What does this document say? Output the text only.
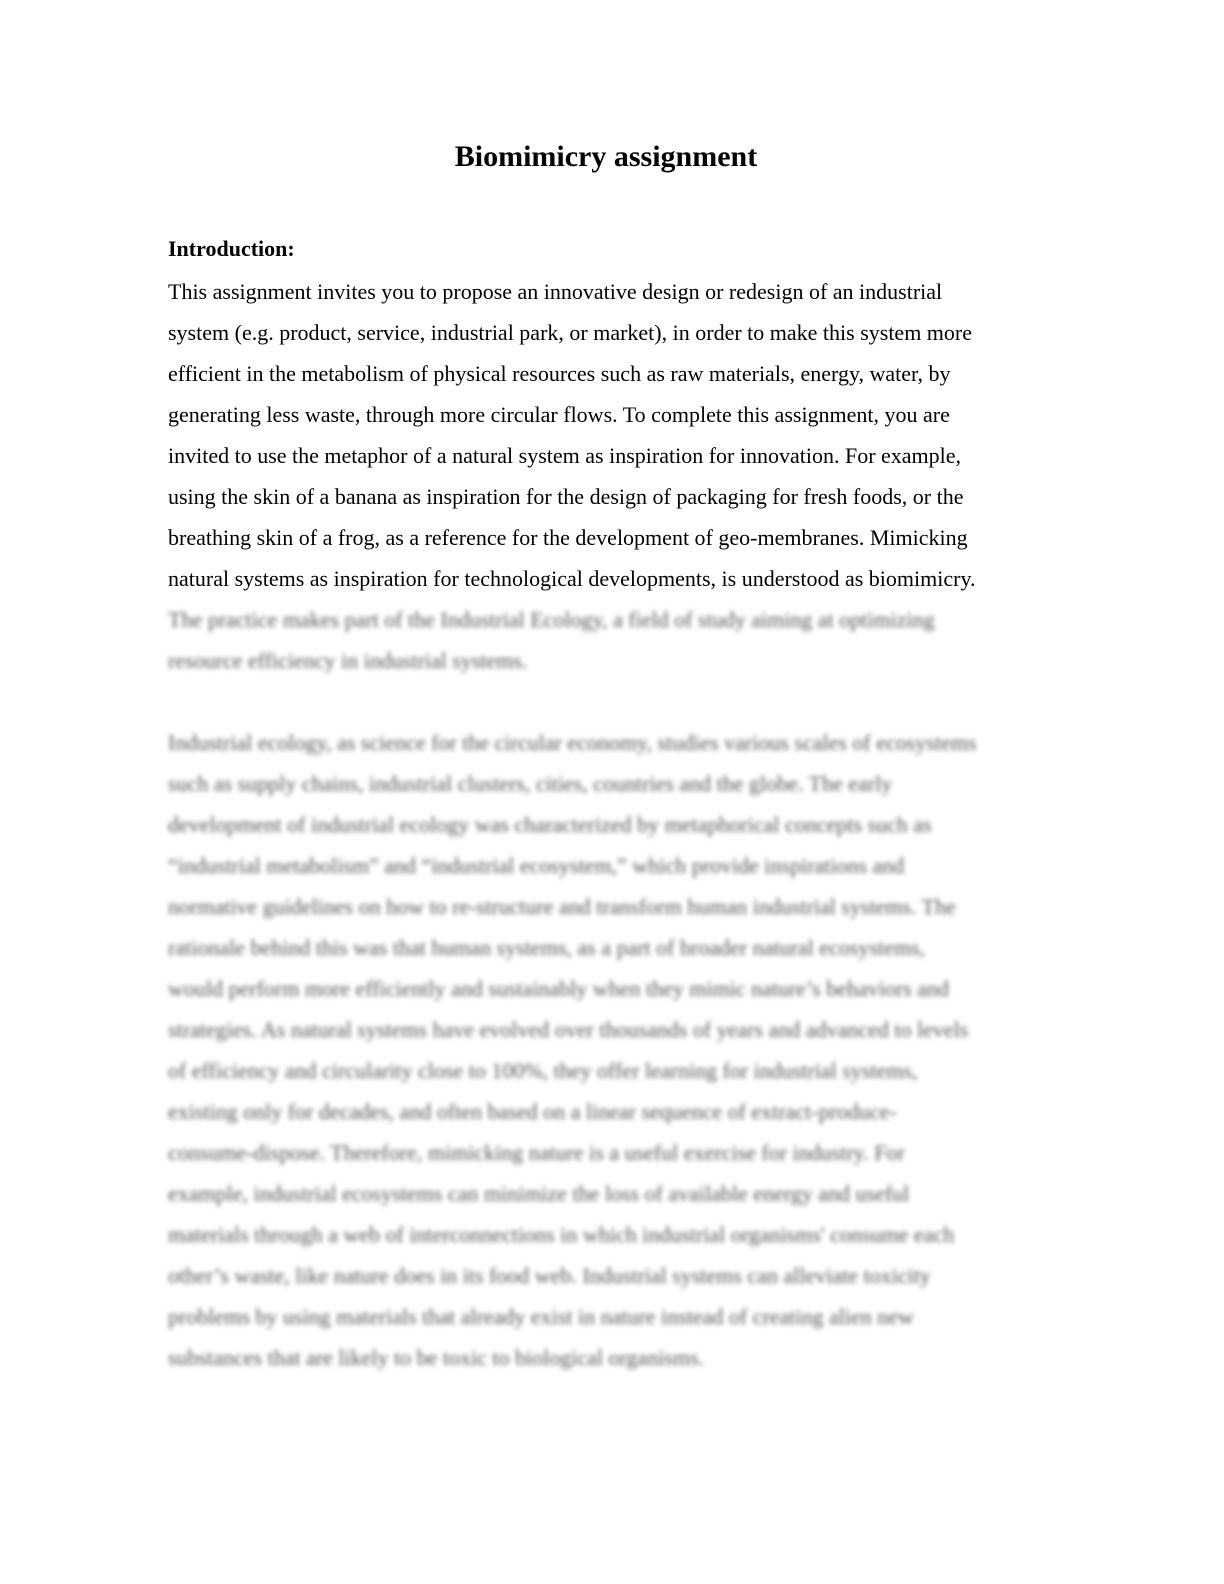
Biomimicry assignment
Introduction:
This assignment invites you to propose an innovative design or redesign of an industrial
system (e.g. product, service, industrial park, or market), in order to make this system more
efficient in the metabolism of physical resources such as raw materials, energy, water, by
generating less waste, through more circular flows. To complete this assignment, you are
invited to use the metaphor of a natural system as inspiration for innovation. For example,
using the skin of a banana as inspiration for the design of packaging for fresh foods, or the
breathing skin of a frog, as a reference for the development of geo-membranes. Mimicking
natural systems as inspiration for technological developments, is understood as biomimicry.
The practice makes part of the Industrial Ecology, a field of study aiming at optimizing
resource efficiency in industrial systems.
Industrial ecology, as science for the circular economy, studies various scales of ecosystems
such as supply chains, industrial clusters, cities, countries and the globe. The early
development of industrial ecology was characterized by metaphorical concepts such as
“industrial metabolism” and “industrial ecosystem,” which provide inspirations and
normative guidelines on how to re-structure and transform human industrial systems. The
rationale behind this was that human systems, as a part of broader natural ecosystems,
would perform more efficiently and sustainably when they mimic nature’s behaviors and
strategies. As natural systems have evolved over thousands of years and advanced to levels
of efficiency and circularity close to 100%, they offer learning for industrial systems,
existing only for decades, and often based on a linear sequence of extract-produce-
consume-dispose. Therefore, mimicking nature is a useful exercise for industry. For
example, industrial ecosystems can minimize the loss of available energy and useful
materials through a web of interconnections in which industrial organisms' consume each
other’s waste, like nature does in its food web. Industrial systems can alleviate toxicity
problems by using materials that already exist in nature instead of creating alien new
substances that are likely to be toxic to biological organisms.
